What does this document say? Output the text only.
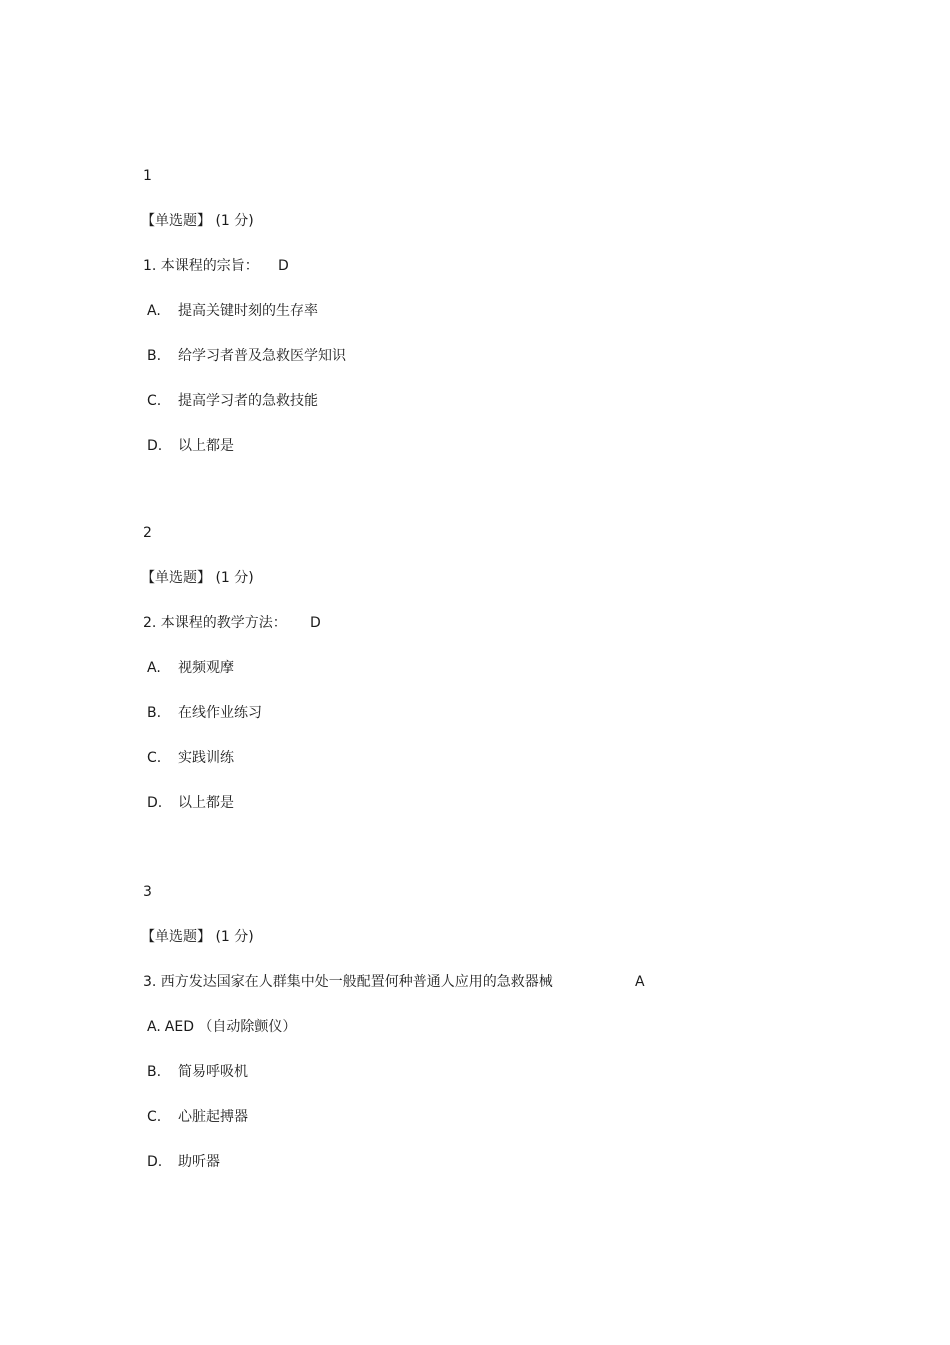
1
【单选题】 (1 分)
1. 本课程的宗旨： D
A. 提高关键时刻的生存率
B. 给学习者普及急救医学知识
C. 提高学习者的急救技能
D. 以上都是
2
【单选题】 (1 分)
2. 本课程的教学方法： D
A. 视频观摩
B. 在线作业练习
C. 实践训练
D. 以上都是
3
【单选题】 (1 分)
3. 西方发达国家在人群集中处一般配置何种普通人应用的急救器械	A
A. AED （自动除颤仪）
B. 简易呼吸机
C. 心脏起搏器
D. 助听器
